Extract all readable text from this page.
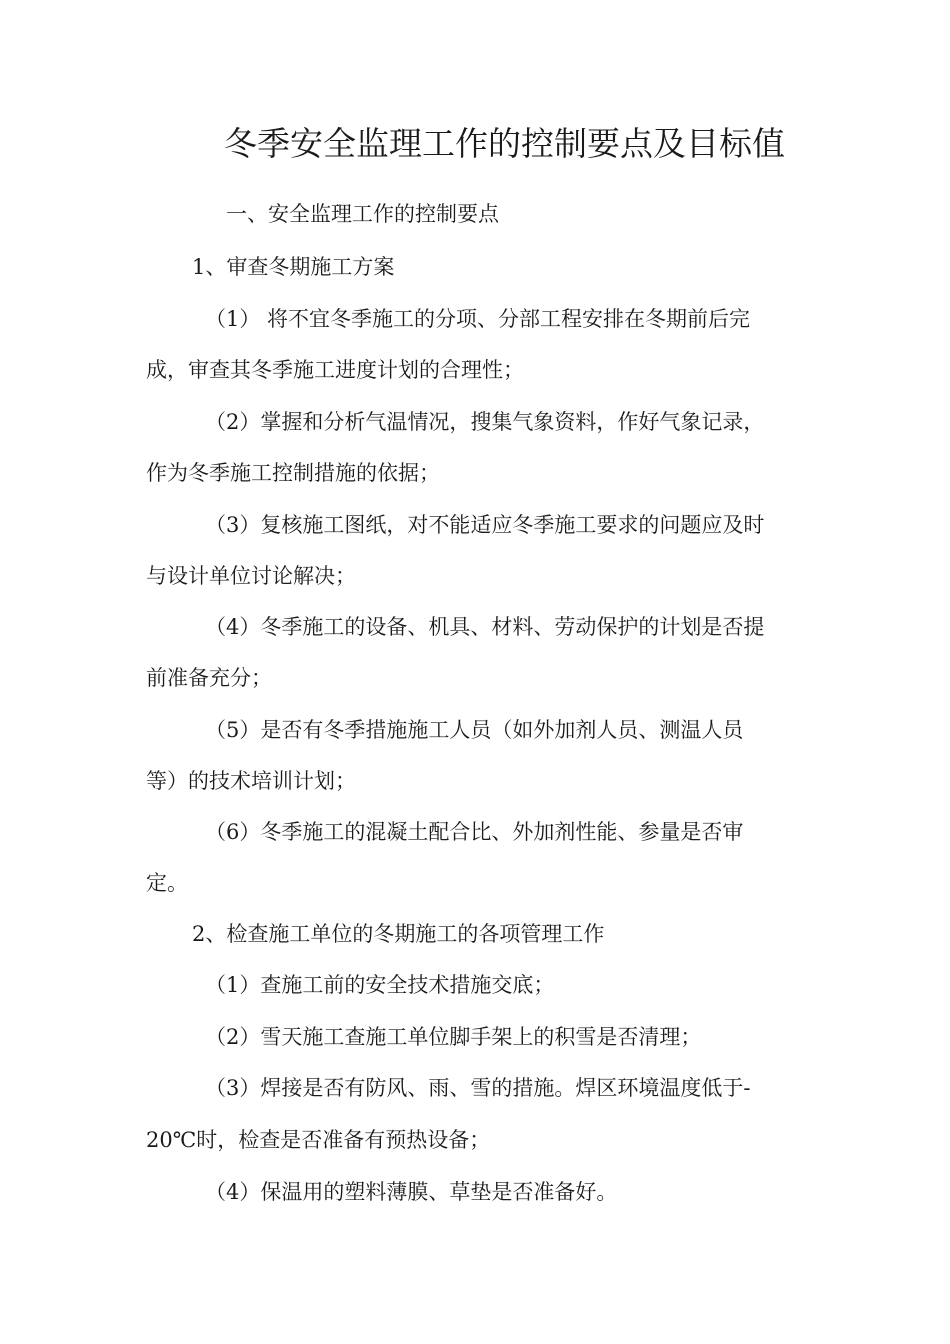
冬季安全监理工作的控制要点及目标值
一、安全监理工作的控制要点
1、审查冬期施工方案
（1） 将不宜冬季施工的分项、分部工程安排在冬期前后完
成，审查其冬季施工进度计划的合理性；
（2）掌握和分析气温情况，搜集气象资料，作好气象记录，
作为冬季施工控制措施的依据；
（3）复核施工图纸，对不能适应冬季施工要求的问题应及时
与设计单位讨论解决；
（4）冬季施工的设备、机具、材料、劳动保护的计划是否提
前准备充分；
（5）是否有冬季措施施工人员（如外加剂人员、测温人员
等）的技术培训计划；
（6）冬季施工的混凝土配合比、外加剂性能、参量是否审
定。
2、检查施工单位的冬期施工的各项管理工作
（1）查施工前的安全技术措施交底；
（2）雪天施工查施工单位脚手架上的积雪是否清理；
（3）焊接是否有防风、雨、雪的措施。焊区环境温度低于-
20℃时，检查是否准备有预热设备；
（4）保温用的塑料薄膜、草垫是否准备好。
